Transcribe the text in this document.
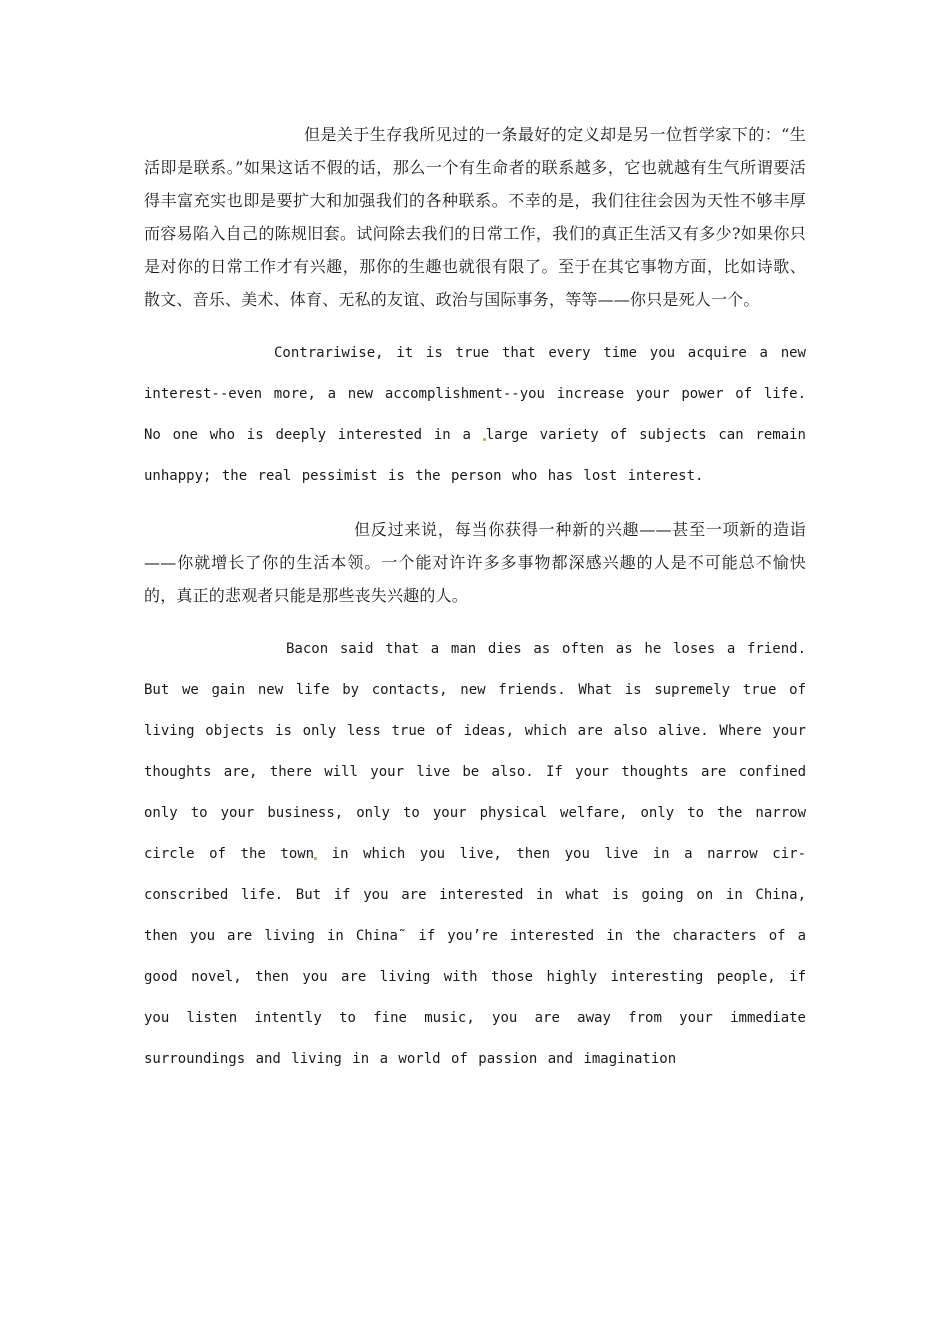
但是关于生存我所见过的一条最好的定义却是另一位哲学家下的：“生活即是联系。”如果这话不假的话，那么一个有生命者的联系越多，它也就越有生气所谓要活得丰富充实也即是要扩大和加强我们的各种联系。不幸的是，我们往往会因为天性不够丰厚而容易陷入自己的陈规旧套。试问除去我们的日常工作，我们的真正生活又有多少?如果你只是对你的日常工作才有兴趣，那你的生趣也就很有限了。至于在其它事物方面，比如诗歌、散文、音乐、美术、体育、无私的友谊、政治与国际事务，等等——你只是死人一个。

Contrariwise, it is true that every time you acquire a new interest--even more, a new accomplishment--you increase your power of life. No one who is deeply interested in a large variety of subjects can remain unhappy; the real pessimist is the person who has lost interest.

但反过来说，每当你获得一种新的兴趣——甚至一项新的造诣——你就增长了你的生活本领。一个能对许许多多事物都深感兴趣的人是不可能总不愉快的，真正的悲观者只能是那些丧失兴趣的人。

Bacon said that a man dies as often as he loses a friend. But we gain new life by contacts, new friends. What is supremely true of living objects is only less true of ideas, which are also alive. Where your thoughts are, there will your live be also. If your thoughts are confined only to your business, only to your physical welfare, only to the narrow circle of the town in which you live, then you live in a narrow cir-conscribed life. But if you are interested in what is going on in China, then you are living in China˜ if you’re interested in the characters of a good novel, then you are living with those highly interesting people, if you listen intently to fine music, you are away from your immediate surroundings and living in a world of passion and imagination
